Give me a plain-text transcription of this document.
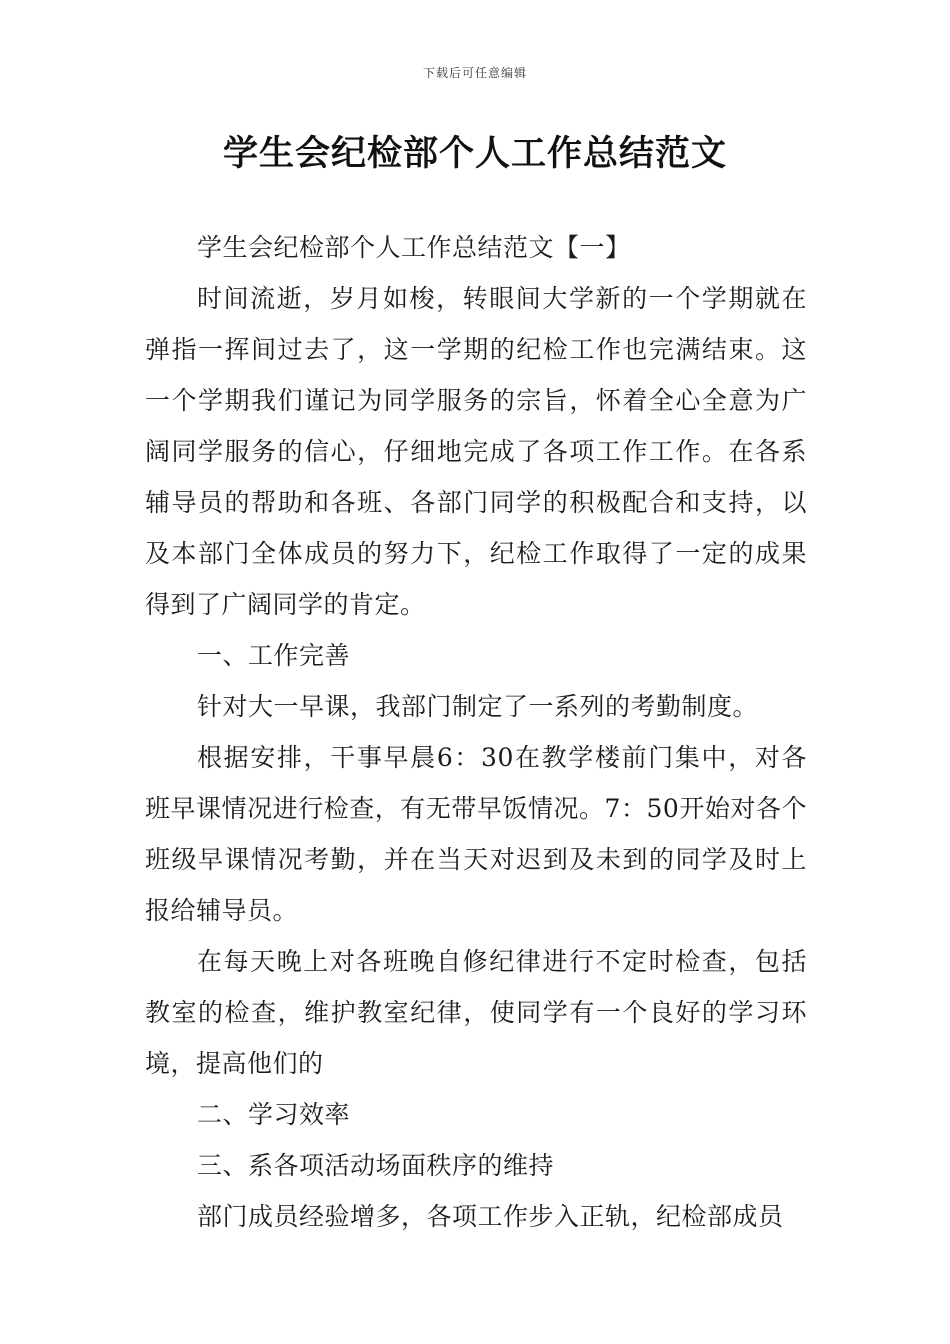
下载后可任意编辑
学生会纪检部个人工作总结范文

学生会纪检部个人工作总结范文【一】

时间流逝，岁月如梭，转眼间大学新的一个学期就在弹指一挥间过去了，这一学期的纪检工作也完满结束。这一个学期我们谨记为同学服务的宗旨，怀着全心全意为广阔同学服务的信心，仔细地完成了各项工作工作。在各系辅导员的帮助和各班、各部门同学的积极配合和支持，以及本部门全体成员的努力下，纪检工作取得了一定的成果得到了广阔同学的肯定。

一、工作完善

针对大一早课，我部门制定了一系列的考勤制度。

根据安排，干事早晨6：30在教学楼前门集中，对各班早课情况进行检查，有无带早饭情况。7：50开始对各个班级早课情况考勤，并在当天对迟到及未到的同学及时上报给辅导员。

在每天晚上对各班晚自修纪律进行不定时检查，包括教室的检查，维护教室纪律，使同学有一个良好的学习环境，提高他们的

二、学习效率

三、系各项活动场面秩序的维持

部门成员经验增多，各项工作步入正轨，纪检部成员
